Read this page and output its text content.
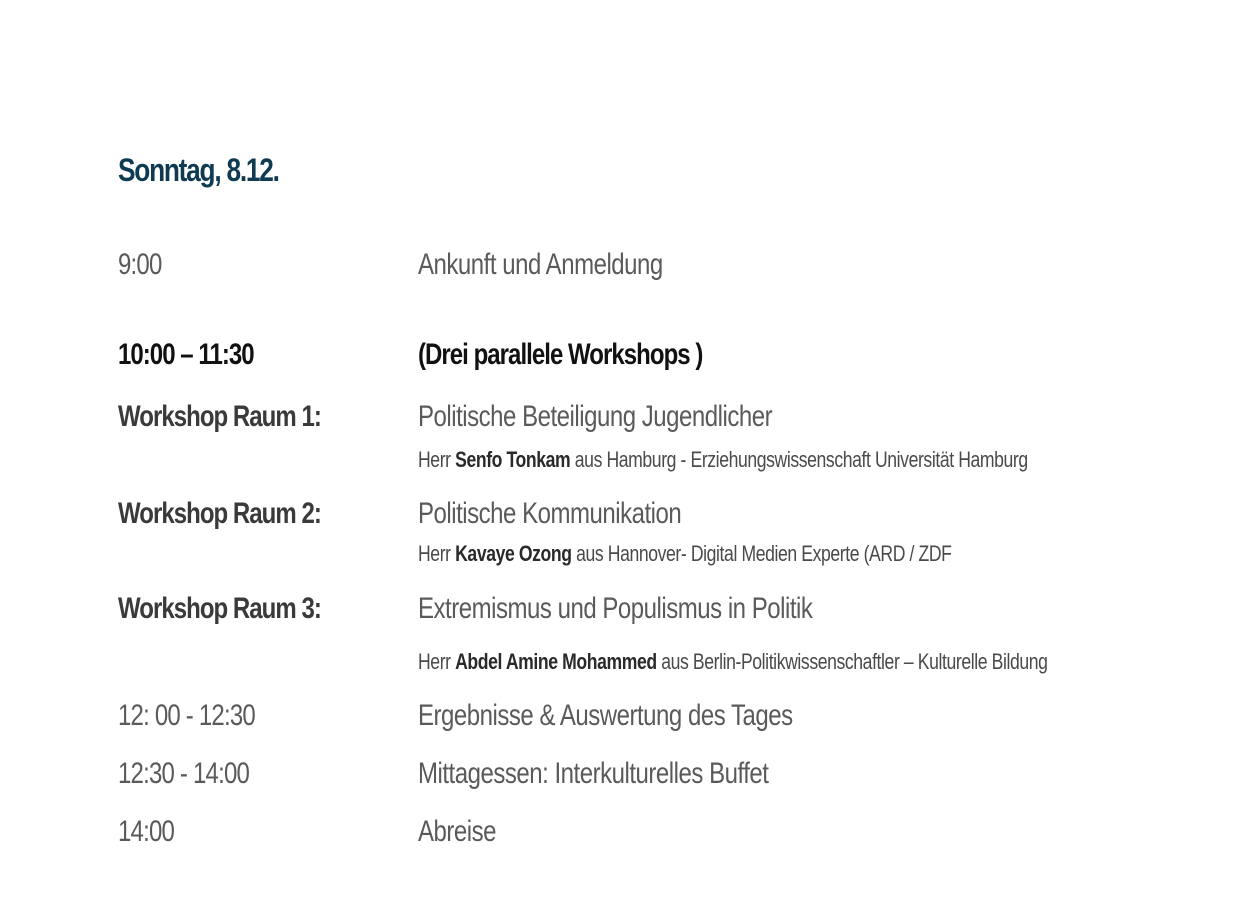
Sonntag, 8.12.
9:00	Ankunft und Anmeldung
10:00 – 11:30	(Drei parallele Workshops )
Workshop Raum 1:	Politische Beteiligung Jugendlicher
Herr Senfo Tonkam aus Hamburg - Erziehungswissenschaft Universität Hamburg
Workshop Raum 2:	Politische Kommunikation
Herr Kavaye Ozong aus Hannover- Digital Medien Experte (ARD / ZDF
Workshop Raum 3:	Extremismus und Populismus in Politik
Herr Abdel Amine Mohammed aus Berlin-Politikwissenschaftler – Kulturelle Bildung
12: 00 - 12:30	Ergebnisse & Auswertung des Tages
12:30 - 14:00	Mittagessen: Interkulturelles Buffet
14:00	Abreise
